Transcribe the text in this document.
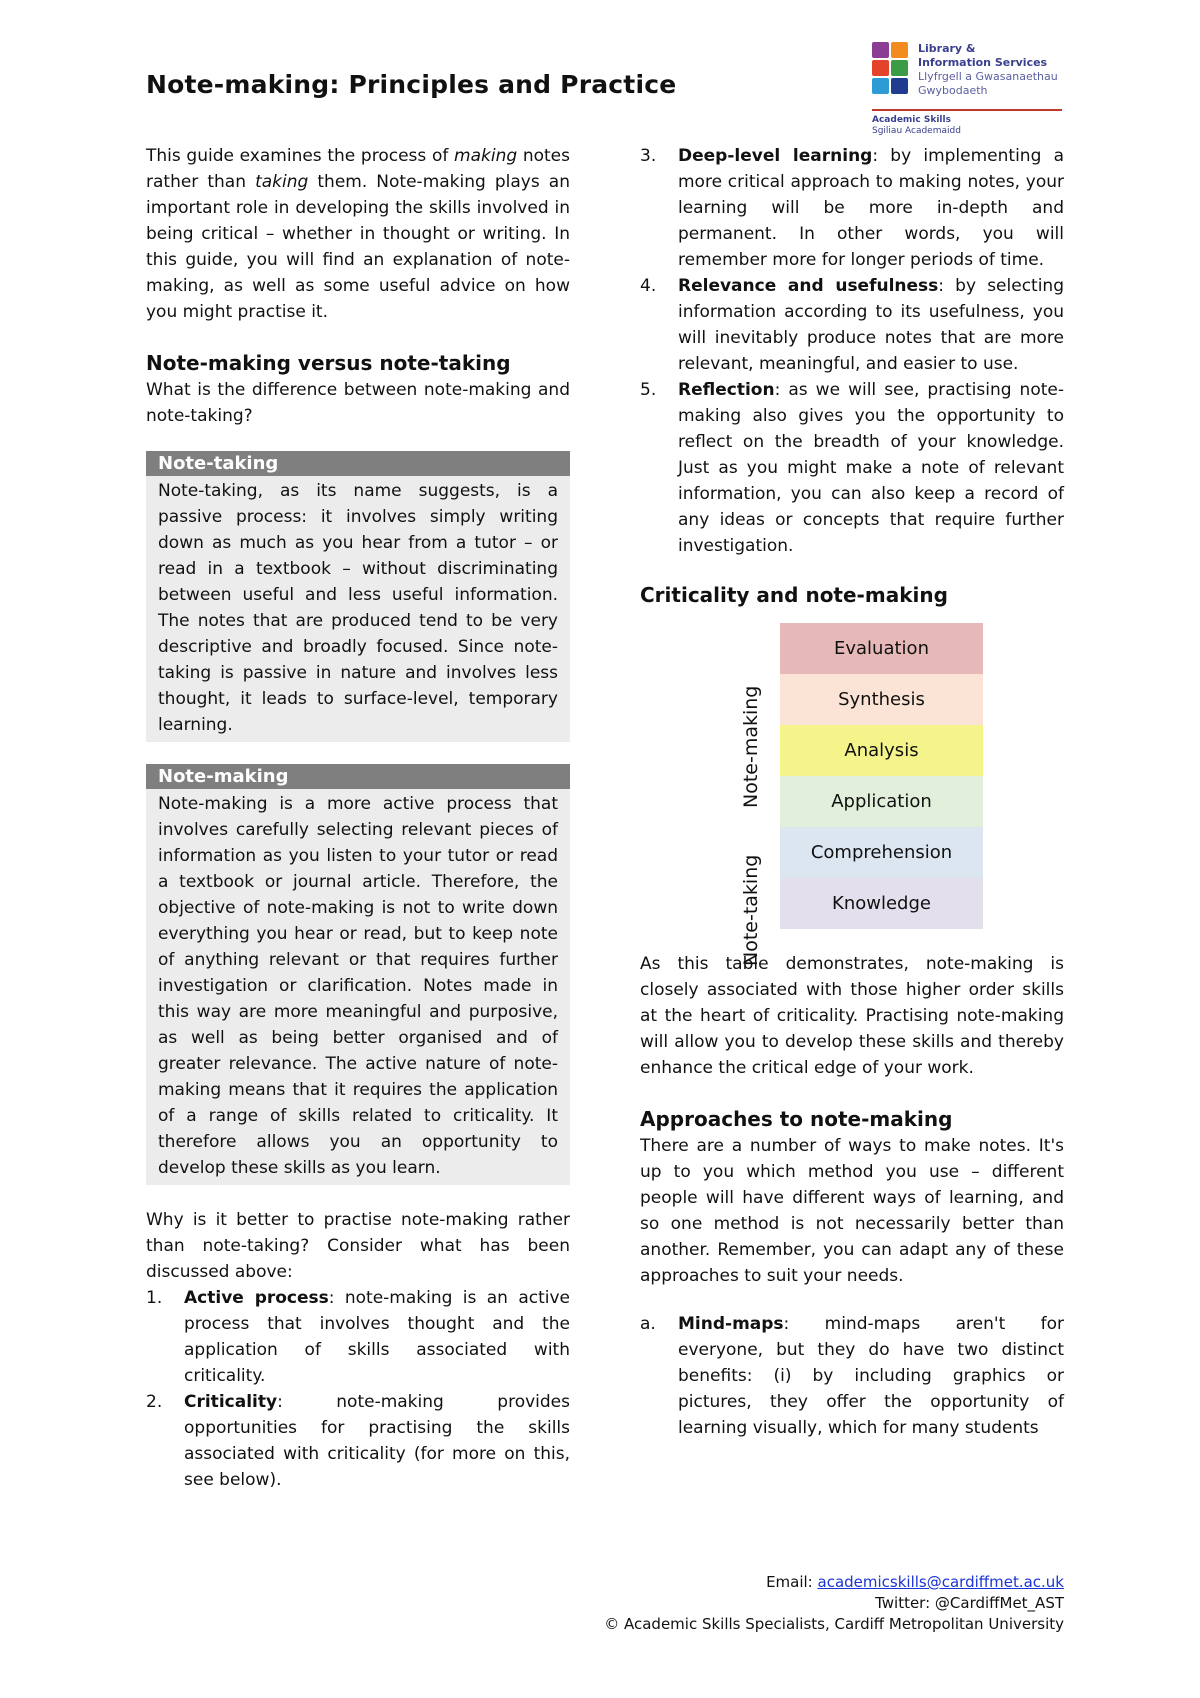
Note-making: Principles and Practice
Library &
Information Services
Llyfrgell a Gwasanaethau
Gwybodaeth
Academic Skills
Sgiliau Academaidd

This guide examines the process of making notes rather than taking them. Note-making plays an important role in developing the skills involved in being critical – whether in thought or writing. In this guide, you will find an explanation of note-making, as well as some useful advice on how you might practise it.

Note-making versus note-taking

What is the difference between note-making and note-taking?

Note-taking
Note-taking, as its name suggests, is a passive process: it involves simply writing down as much as you hear from a tutor – or read in a textbook – without discriminating between useful and less useful information. The notes that are produced tend to be very descriptive and broadly focused. Since note-taking is passive in nature and involves less thought, it leads to surface-level, temporary learning.
Note-making
Note-making is a more active process that involves carefully selecting relevant pieces of information as you listen to your tutor or read a textbook or journal article. Therefore, the objective of note-making is not to write down everything you hear or read, but to keep note of anything relevant or that requires further investigation or clarification. Notes made in this way are more meaningful and purposive, as well as being better organised and of greater relevance. The active nature of note-making means that it requires the application of a range of skills related to criticality. It therefore allows you an opportunity to develop these skills as you learn.

Why is it better to practise note-making rather than note-taking? Consider what has been discussed above:

1. Active process: note-making is an active process that involves thought and the application of skills associated with criticality.
2. Criticality: note-making provides opportunities for practising the skills associated with criticality (for more on this, see below).
3. Deep-level learning: by implementing a more critical approach to making notes, your learning will be more in-depth and permanent. In other words, you will remember more for longer periods of time.
4. Relevance and usefulness: by selecting information according to its usefulness, you will inevitably produce notes that are more relevant, meaningful, and easier to use.
5. Reflection: as we will see, practising note-making also gives you the opportunity to reflect on the breadth of your knowledge. Just as you might make a note of relevant information, you can also keep a record of any ideas or concepts that require further investigation.
Criticality and note-making
Note-making
Note-taking
Evaluation
Synthesis
Analysis
Application
Comprehension
Knowledge

As this table demonstrates, note-making is closely associated with those higher order skills at the heart of criticality. Practising note-making will allow you to develop these skills and thereby enhance the critical edge of your work.

Approaches to note-making

There are a number of ways to make notes. It's up to you which method you use – different people will have different ways of learning, and so one method is not necessarily better than another. Remember, you can adapt any of these approaches to suit your needs.

a. Mind-maps: mind-maps aren't for everyone, but they do have two distinct benefits: (i) by including graphics or pictures, they offer the opportunity of learning visually, which for many students
Email: academicskills@cardiffmet.ac.uk
Twitter: @CardiffMet_AST
© Academic Skills Specialists, Cardiff Metropolitan University
